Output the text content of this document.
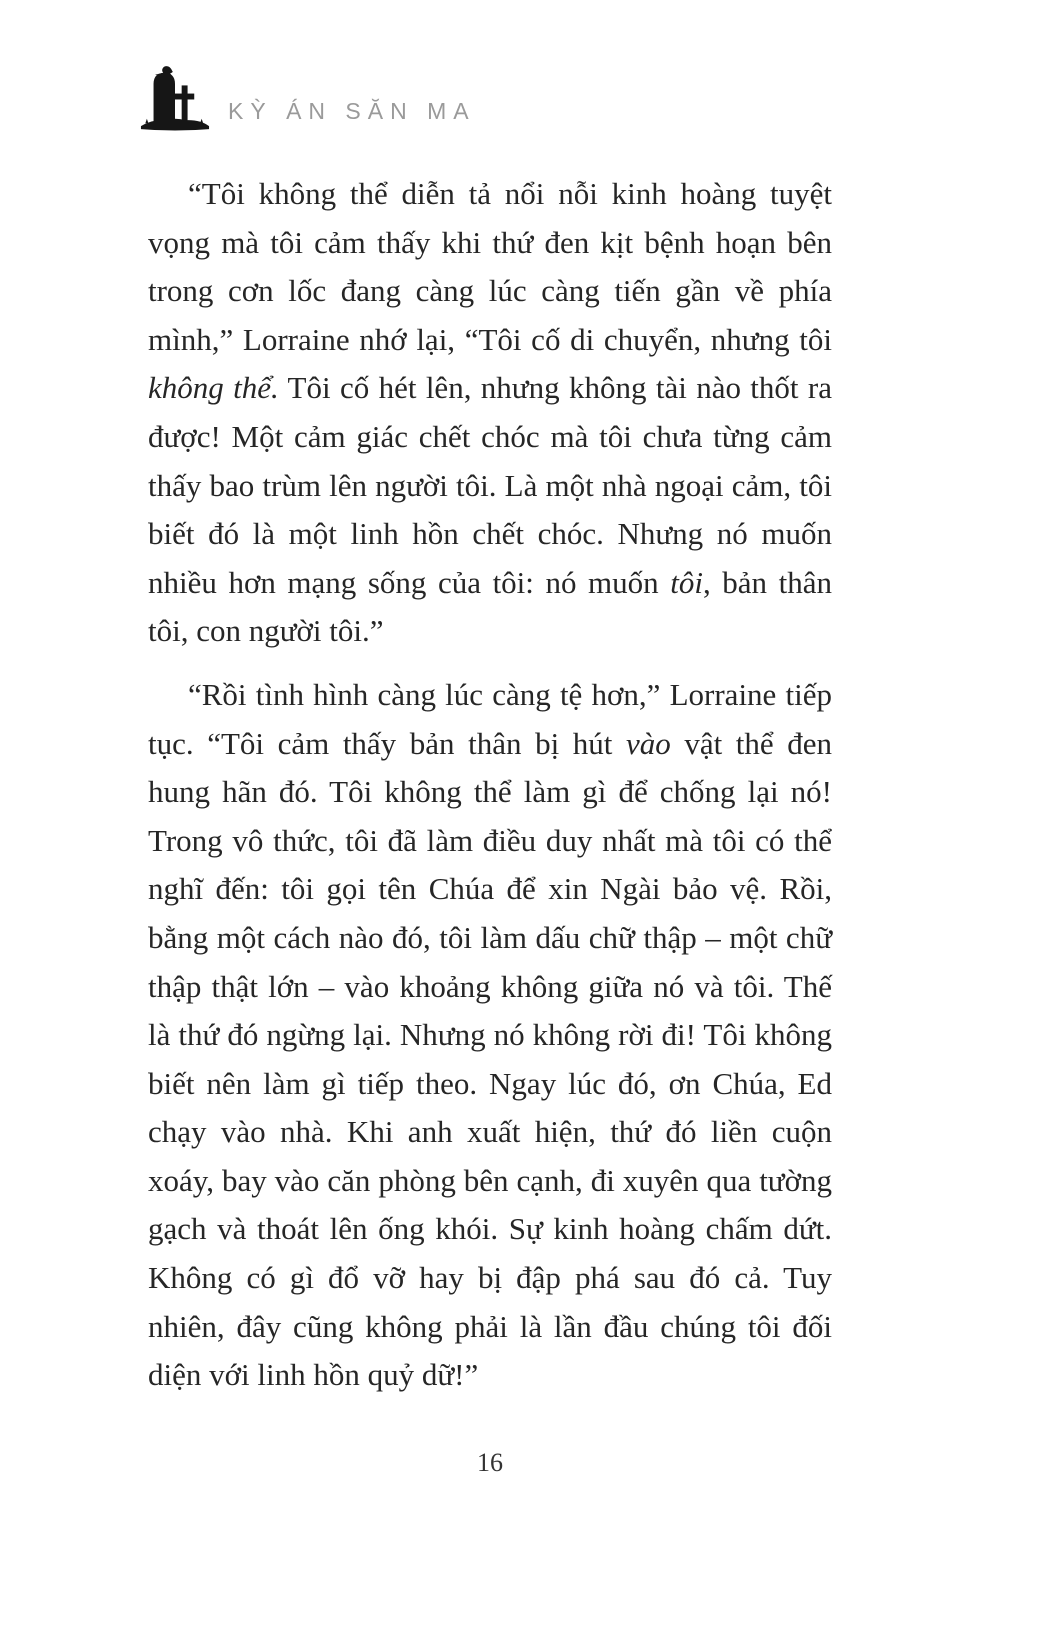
KỲ ÁN SĂN MA

“Tôi không thể diễn tả nổi nỗi kinh hoàng tuyệt vọng mà tôi cảm thấy khi thứ đen kịt bệnh hoạn bên trong cơn lốc đang càng lúc càng tiến gần về phía mình,” Lorraine nhớ lại, “Tôi cố di chuyển, nhưng tôi không thể. Tôi cố hét lên, nhưng không tài nào thốt ra được! Một cảm giác chết chóc mà tôi chưa từng cảm thấy bao trùm lên người tôi. Là một nhà ngoại cảm, tôi biết đó là một linh hồn chết chóc. Nhưng nó muốn nhiều hơn mạng sống của tôi: nó muốn tôi, bản thân tôi, con người tôi.”

“Rồi tình hình càng lúc càng tệ hơn,” Lorraine tiếp tục. “Tôi cảm thấy bản thân bị hút vào vật thể đen hung hãn đó. Tôi không thể làm gì để chống lại nó! Trong vô thức, tôi đã làm điều duy nhất mà tôi có thể nghĩ đến: tôi gọi tên Chúa để xin Ngài bảo vệ. Rồi, bằng một cách nào đó, tôi làm dấu chữ thập – một chữ thập thật lớn – vào khoảng không giữa nó và tôi. Thế là thứ đó ngừng lại. Nhưng nó không rời đi! Tôi không biết nên làm gì tiếp theo. Ngay lúc đó, ơn Chúa, Ed chạy vào nhà. Khi anh xuất hiện, thứ đó liền cuộn xoáy, bay vào căn phòng bên cạnh, đi xuyên qua tường gạch và thoát lên ống khói. Sự kinh hoàng chấm dứt. Không có gì đổ vỡ hay bị đập phá sau đó cả. Tuy nhiên, đây cũng không phải là lần đầu chúng tôi đối diện với linh hồn quỷ dữ!”

16
